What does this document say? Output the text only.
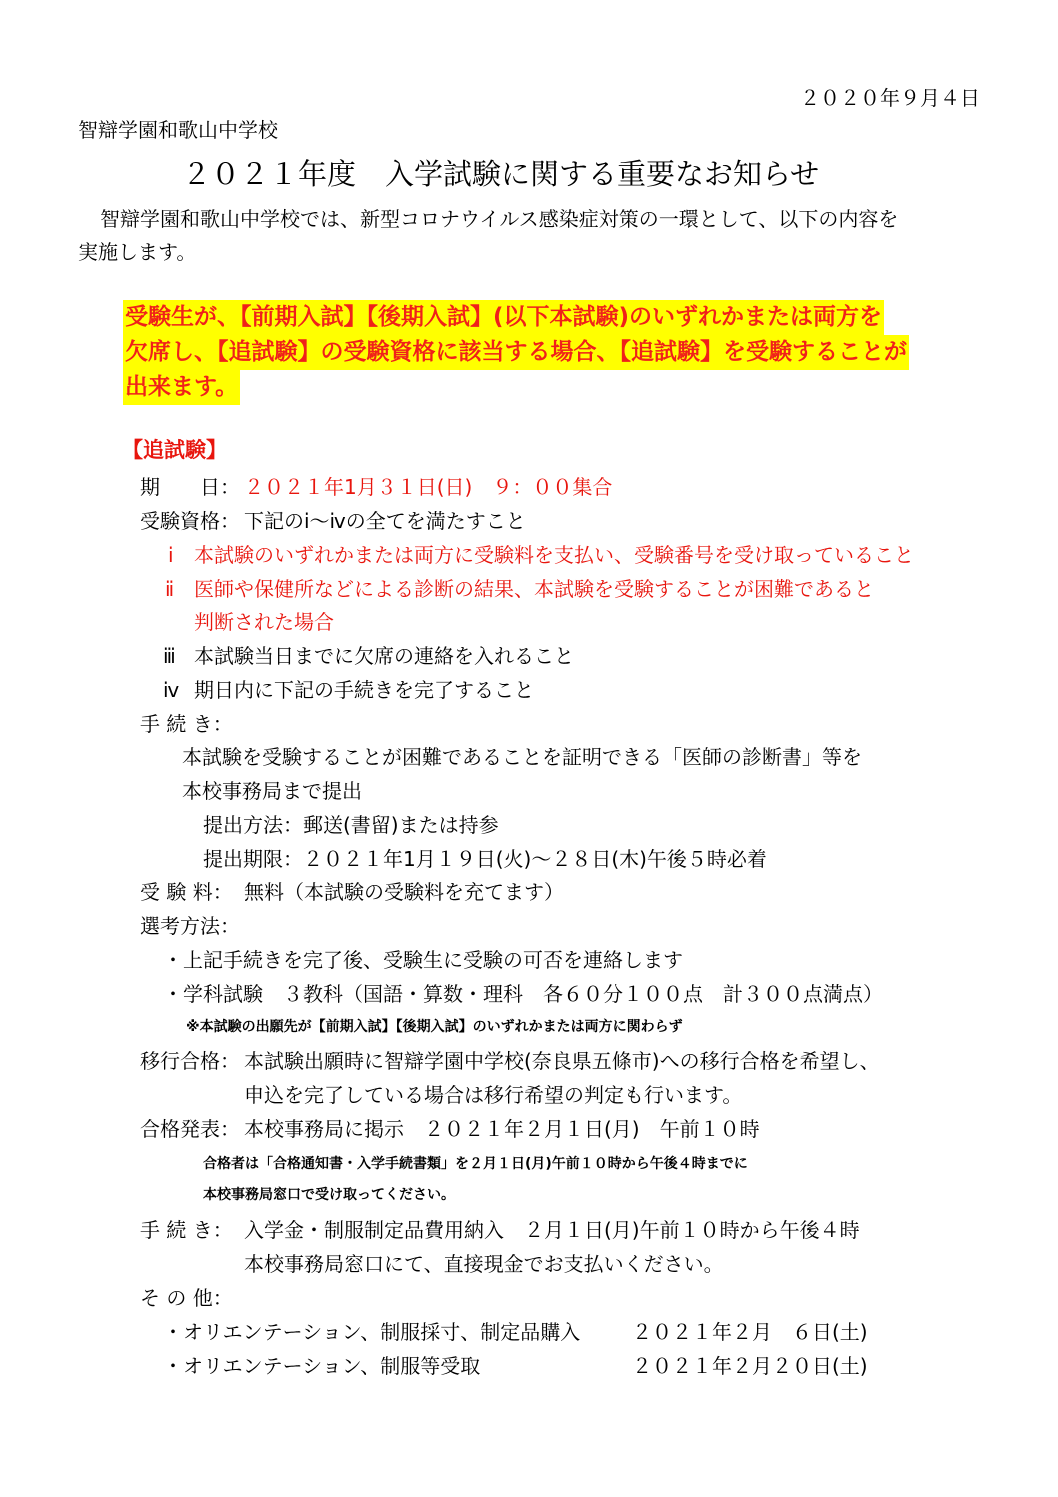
２０２０年９月４日
智辯学園和歌山中学校
２０２１年度　入学試験に関する重要なお知らせ
智辯学園和歌山中学校では、新型コロナウイルス感染症対策の一環として、以下の内容を
実施します。
受験生が、【前期入試】【後期入試】(以下本試験)のいずれかまたは両方を
欠席し、【追試験】の受験資格に該当する場合、【追試験】を受験することが
出来ます。
【追試験】
期　　日： ２０２１年1月３１日(日)　９：００集合
受験資格： 下記のⅰ～ⅳの全てを満たすこと
ⅰ 本試験のいずれかまたは両方に受験料を支払い、受験番号を受け取っていること
ⅱ 医師や保健所などによる診断の結果、本試験を受験することが困難であると
判断された場合
ⅲ 本試験当日までに欠席の連絡を入れること
ⅳ 期日内に下記の手続きを完了すること
手 続 き：
本試験を受験することが困難であることを証明できる「医師の診断書」等を
本校事務局まで提出
提出方法：郵送(書留)または持参
提出期限：２０２１年1月１９日(火)～２８日(木)午後５時必着
受 験 料： 無料（本試験の受験料を充てます）
選考方法：
・上記手続きを完了後、受験生に受験の可否を連絡します
・学科試験　３教科（国語・算数・理科　各６０分１００点　計３００点満点）
※本試験の出願先が【前期入試】【後期入試】のいずれかまたは両方に関わらず
移行合格： 本試験出願時に智辯学園中学校(奈良県五條市)への移行合格を希望し、
申込を完了している場合は移行希望の判定も行います。
合格発表： 本校事務局に掲示　２０２１年２月１日(月)　午前１０時
合格者は「合格通知書・入学手続書類」を２月１日(月)午前１０時から午後４時までに
本校事務局窓口で受け取ってください。
手 続 き： 入学金・制服制定品費用納入　２月１日(月)午前１０時から午後４時
本校事務局窓口にて、直接現金でお支払いください。
そ の 他：
・オリエンテーション、制服採寸、制定品購入	２０２１年２月　６日(土)
・オリエンテーション、制服等受取	２０２１年２月２０日(土)
